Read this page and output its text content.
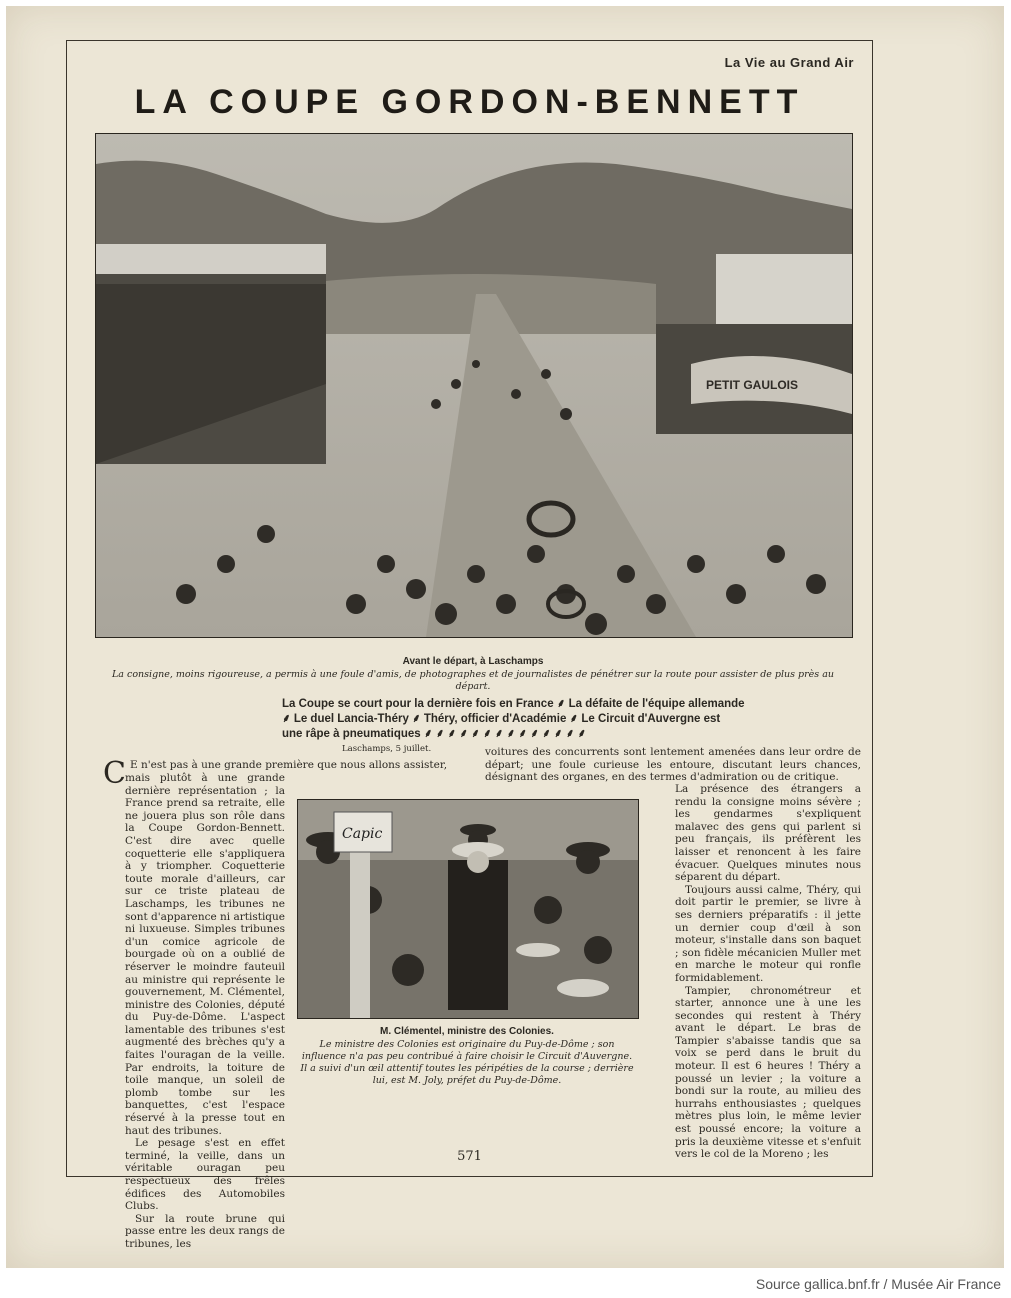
La Vie au Grand Air
LA COUPE GORDON-BENNETT
PETIT GAULOIS
Avant le départ, à Laschamps
La consigne, moins rigoureuse, a permis à une foule d'amis, de photographes et de journalistes de pénétrer sur la route pour assister de plus près au départ.

La Coupe se court pour la dernière fois en France ⸙ La défaite de l'équipe allemande

⸙ Le duel Lancia-Théry ⸙ Théry, officier d'Académie ⸙ Le Circuit d'Auvergne est

une râpe à pneumatiques ⸙ ⸙ ⸙ ⸙ ⸙ ⸙ ⸙ ⸙ ⸙ ⸙ ⸙ ⸙ ⸙ ⸙

Laschamps, 5 juillet.

C E n'est pas à une grande première que nous allons assister,

mais plutôt à une grande dernière représentation ; la France prend sa retraite, elle ne jouera plus son rôle dans la Coupe Gordon-Bennett. C'est dire avec quelle coquetterie elle s'appliquera à y triompher. Coquetterie toute morale d'ailleurs, car sur ce triste plateau de Laschamps, les tribunes ne sont d'apparence ni artistique ni luxueuse. Simples tribunes d'un comice agricole de bourgade où on a oublié de réserver le moindre fauteuil au ministre qui représente le gouvernement, M. Clémentel, ministre des Colonies, député du Puy-de-Dôme. L'aspect lamentable des tribunes s'est augmenté des brèches qu'y a faites l'ouragan de la veille. Par endroits, la toiture de toile manque, un soleil de plomb tombe sur les banquettes, c'est l'espace réservé à la presse tout en haut des tribunes.

Le pesage s'est en effet terminé, la veille, dans un véritable ouragan peu respectueux des frêles édifices des Automobiles Clubs.

Sur la route brune qui passe entre les deux rangs de tribunes, les

voitures des concurrents sont lentement amenées dans leur ordre de départ; une foule curieuse les entoure, discutant leurs chances, désignant des organes, en des termes d'admiration ou de critique.

Capic
M. Clémentel, ministre des Colonies.
Le ministre des Colonies est originaire du Puy-de-Dôme ; son influence n'a pas peu contribué à faire choisir le Circuit d'Auvergne. Il a suivi d'un œil attentif toutes les péripéties de la course ; derrière lui, est M. Joly, préfet du Puy-de-Dôme.

La présence des étrangers a rendu la consigne moins sévère ; les gendarmes s'expliquent malavec des gens qui parlent si peu français, ils préfèrent les laisser et renoncent à les faire évacuer. Quelques minutes nous séparent du départ.

Toujours aussi calme, Théry, qui doit partir le premier, se livre à ses derniers préparatifs : il jette un dernier coup d'œil à son moteur, s'installe dans son baquet ; son fidèle mécanicien Muller met en marche le moteur qui ronfle formidablement.

Tampier, chronométreur et starter, annonce une à une les secondes qui restent à Théry avant le départ. Le bras de Tampier s'abaisse tandis que sa voix se perd dans le bruit du moteur. Il est 6 heures ! Théry a poussé un levier ; la voiture a bondi sur la route, au milieu des hurrahs enthousiastes ; quelques mètres plus loin, le même levier est poussé encore; la voiture a pris la deuxième vitesse et s'enfuit vers le col de la Moreno ; les

571
Source gallica.bnf.fr / Musée Air France
